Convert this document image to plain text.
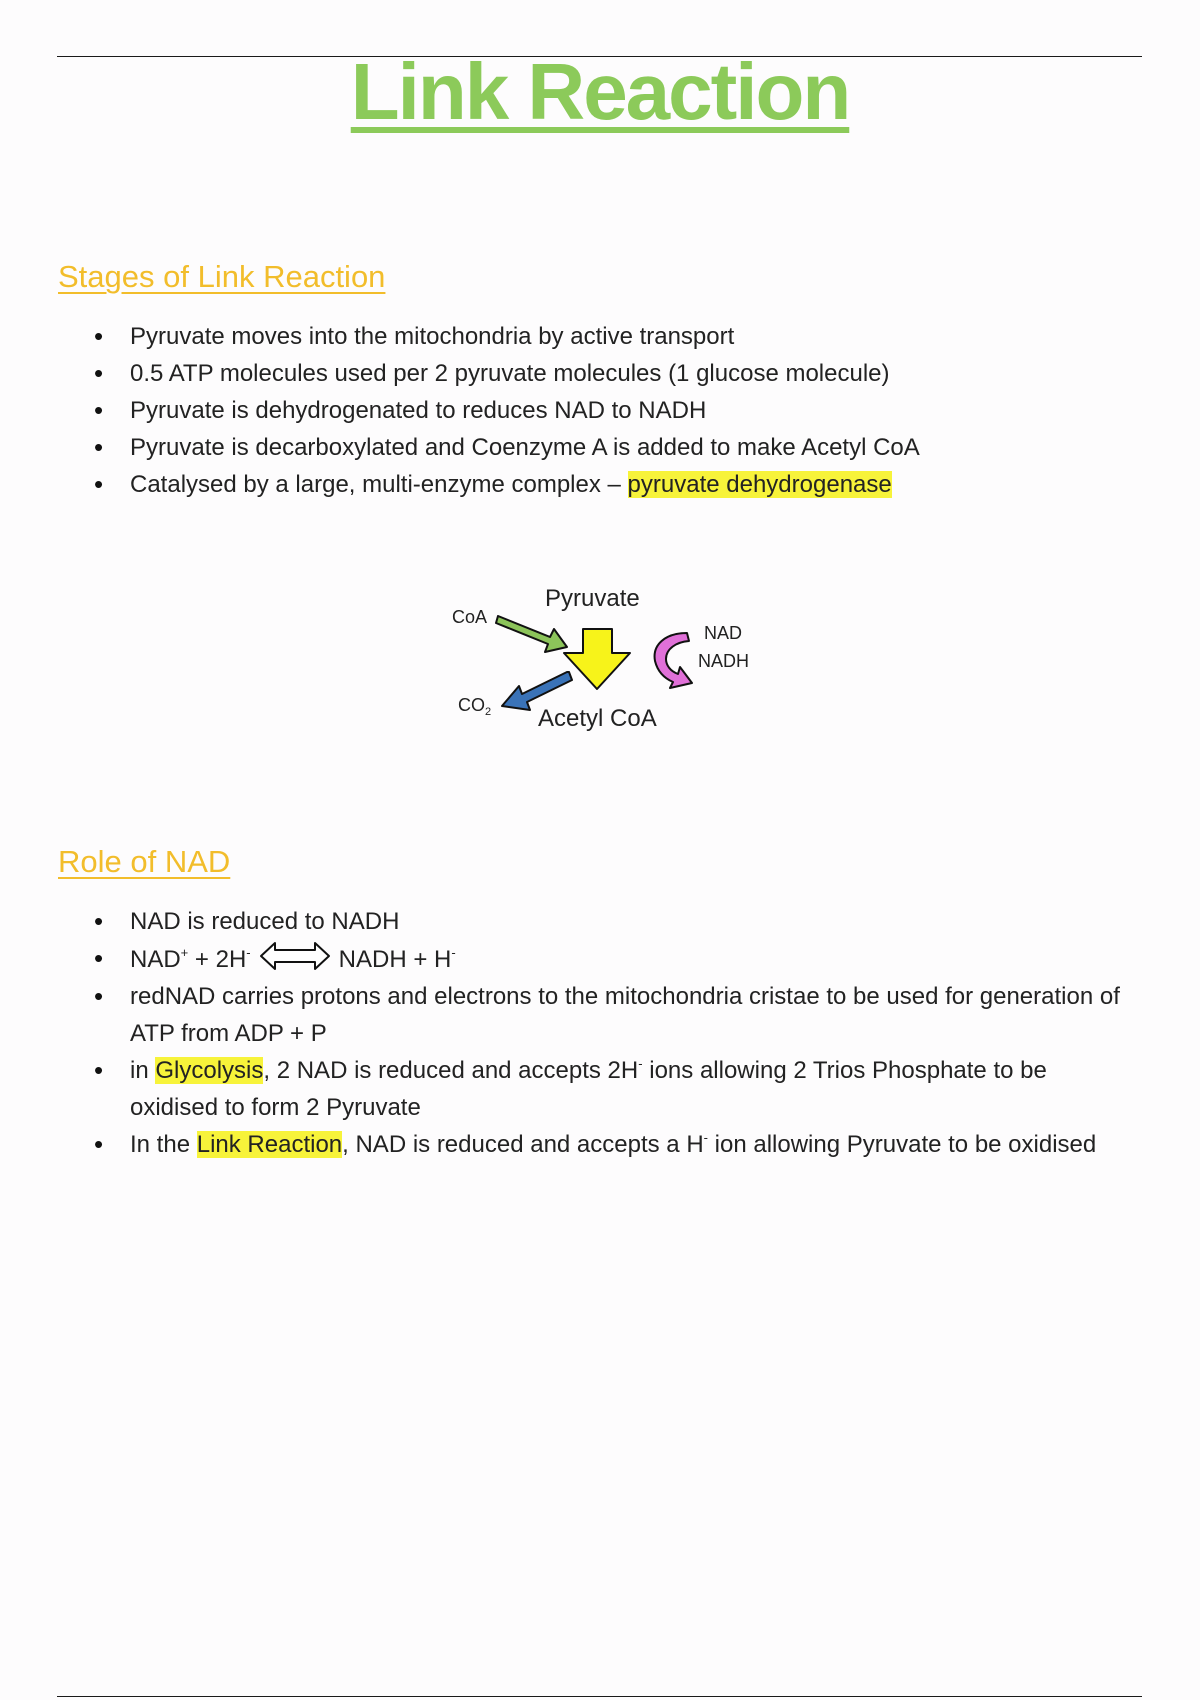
Link Reaction
Stages of Link Reaction
• Pyruvate moves into the mitochondria by active transport
• 0.5 ATP molecules used per 2 pyruvate molecules (1 glucose molecule)
• Pyruvate is dehydrogenated to reduces NAD to NADH
• Pyruvate is decarboxylated and Coenzyme A is added to make Acetyl CoA
• Catalysed by a large, multi-enzyme complex – pyruvate dehydrogenase
Pyruvate
Acetyl CoA
CoA
$CO_2$
NAD
NADH
Role of NAD
• NAD is reduced to NADH
• NAD+ + 2H-	NADH + H-
• redNAD carries protons and electrons to the mitochondria cristae to be used for generation of ATP from ADP + P
• in Glycolysis, 2 NAD is reduced and accepts 2H- ions allowing 2 Trios Phosphate to be oxidised to form 2 Pyruvate
• In the Link Reaction, NAD is reduced and accepts a H- ion allowing Pyruvate to be oxidised
